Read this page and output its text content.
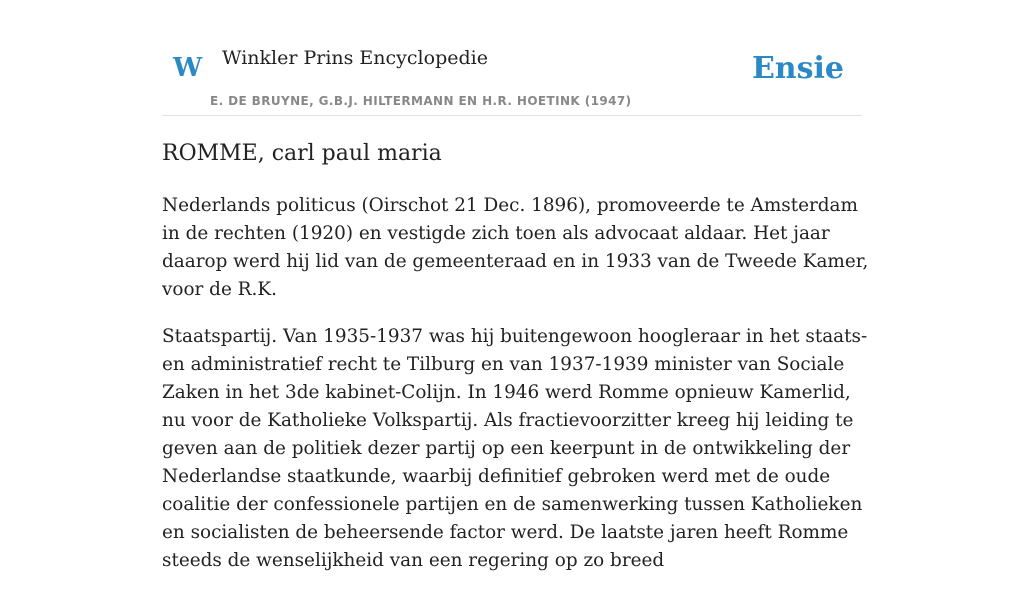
W Winkler Prins Encyclopedie
E. DE BRUYNE, G.B.J. HILTERMANN EN H.R. HOETINK (1947)
Ensie
ROMME, carl paul maria

Nederlands politicus (Oirschot 21 Dec. 1896), promoveerde te Amsterdam in de rechten (1920) en vestigde zich toen als advocaat aldaar. Het jaar daarop werd hij lid van de gemeenteraad en in 1933 van de Tweede Kamer, voor de R.K.

Staatspartij. Van 1935-1937 was hij buitengewoon hoogleraar in het staats- en administratief recht te Tilburg en van 1937-1939 minister van Sociale Zaken in het 3de kabinet-Colijn. In 1946 werd Romme opnieuw Kamerlid, nu voor de Katholieke Volkspartij. Als fractievoorzitter kreeg hij leiding te geven aan de politiek dezer partij op een keerpunt in de ontwikkeling der Nederlandse staatkunde, waarbij definitief gebroken werd met de oude coalitie der confessionele partijen en de samenwerking tussen Katholieken en socialisten de beheersende factor werd. De laatste jaren heeft Romme steeds de wenselijkheid van een regering op zo breed
